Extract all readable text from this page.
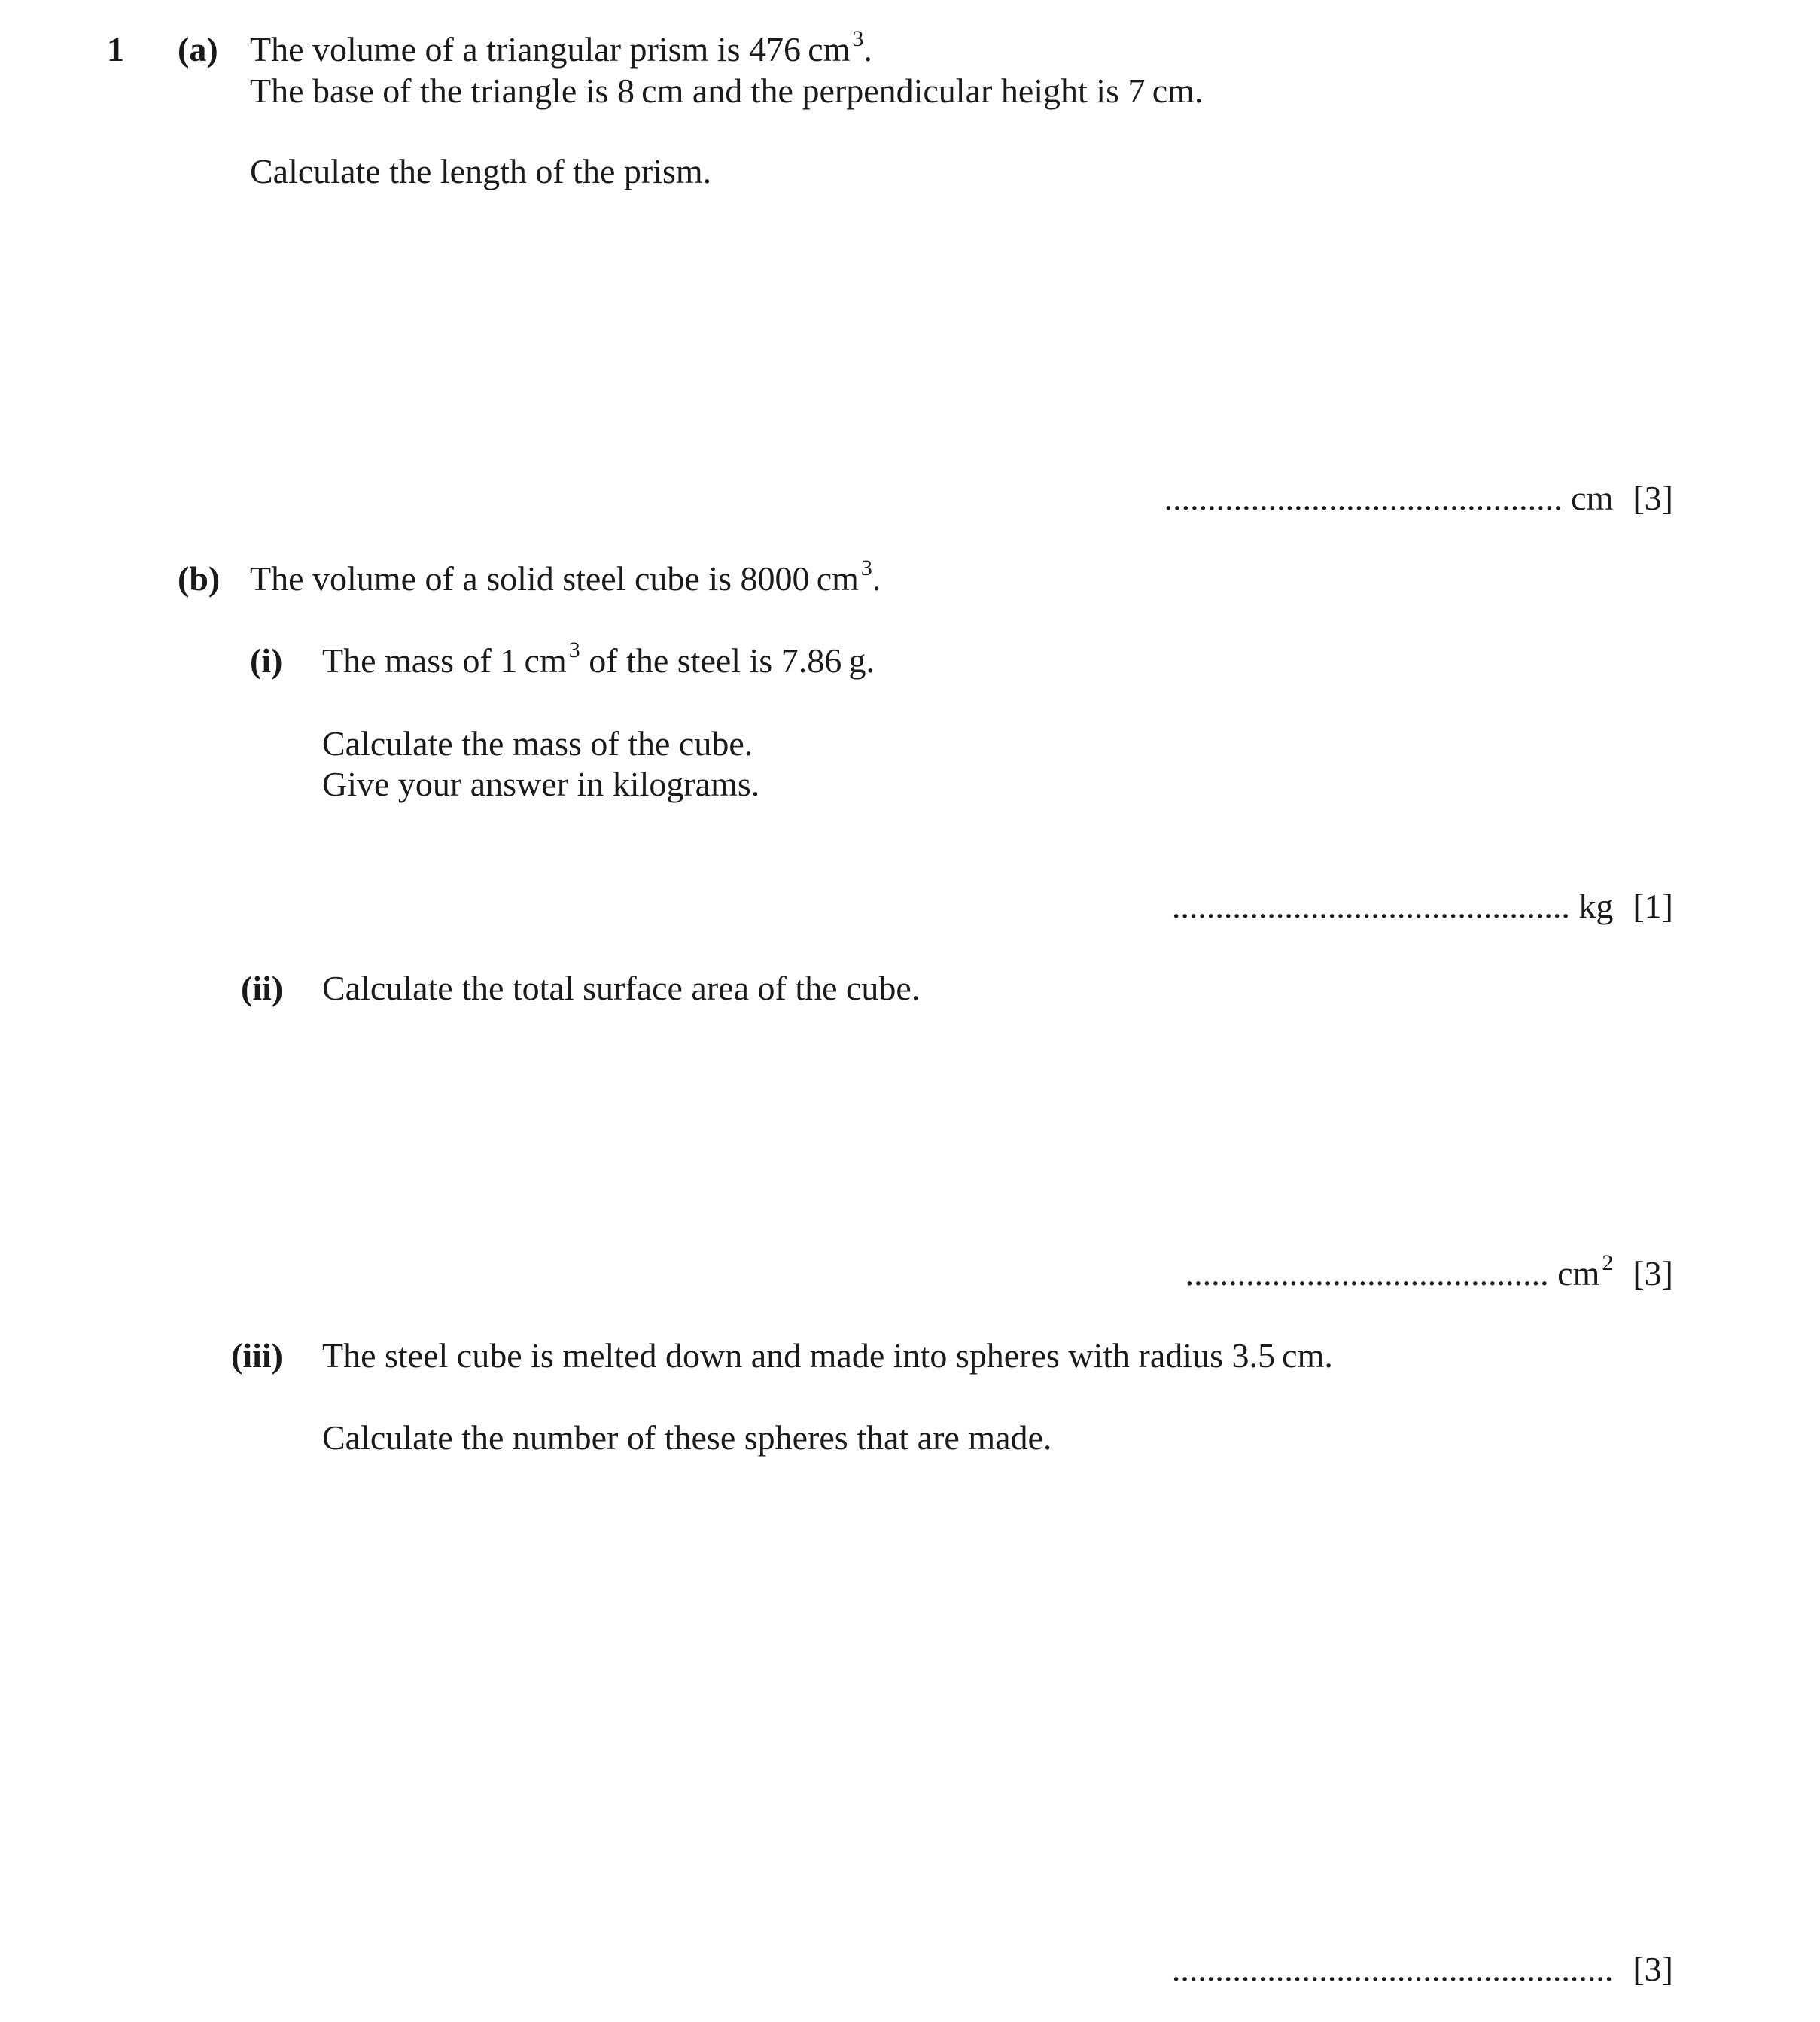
1 (a) The volume of a triangular prism is 476 cm $^3$.
The base of the triangle is 8 cm and the perpendicular height is 7 cm.
Calculate the length of the prism.
.............................................. cm [3]
(b) The volume of a solid steel cube is 8000 cm $^3$.
(i) The mass of 1 cm $^3$ of the steel is 7.86 g.
Calculate the mass of the cube.
Give your answer in kilograms.
.............................................. kg [1]
(ii) Calculate the total surface area of the cube.
.......................................... cm $^2$ [3]
(iii) The steel cube is melted down and made into spheres with radius 3.5 cm.
Calculate the number of these spheres that are made.
................................................... [3]
